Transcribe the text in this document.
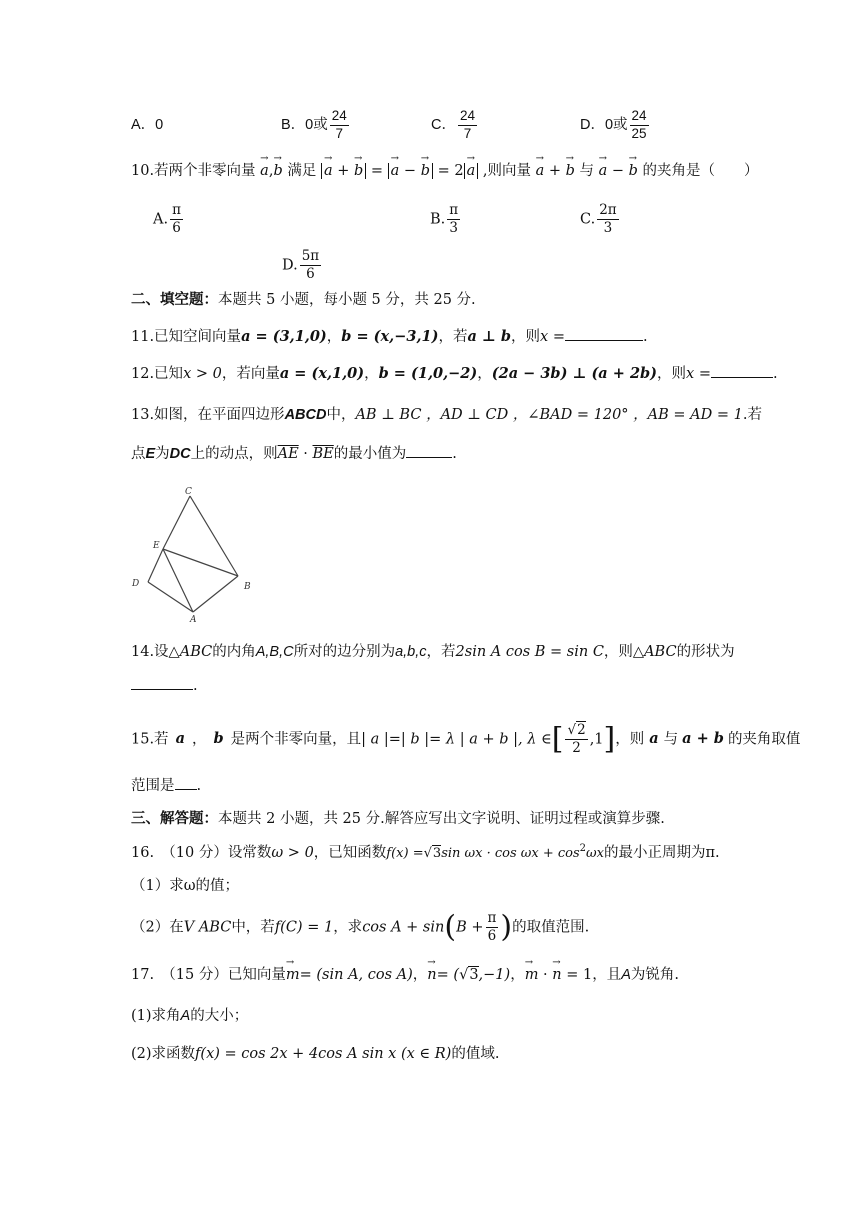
A．0	B．0或 $\frac{24}{7}$	C． $\frac{24}{7}$	D．0或 $\frac{24}{25}$
10.若两个非零向量 → a,→ b 满足 → a + → b = → a − → b = 2 → a ,则向量 → a + → b 与 → a − → b 的夹角是（　　）
A. $\frac{\pi}{6}$	B. $\frac{\pi}{3}$	C. $\frac{2\pi}{3}$
D. $\frac{5\pi}{6}$
二、填空题：本题共 5 小题，每小题 5 分，共 25 分.
11.已知空间向量a = (3,1,0)，b = (x,−3,1)，若a ⊥ b，则x =	.
12.已知x > 0，若向量a = (x,1,0)，b = (1,0,−2)，(2a − 3b) ⊥ (a + 2b)，则x =	.
13.如图，在平面四边形ABCD中，AB ⊥ BC ，AD ⊥ CD ，∠BAD = 120° ，AB = AD = 1.若
点E为DC上的动点，则$\overline{AE} \cdot \overline{BE}$的最小值为	.
C
E
D	B
A
14.设△ABC的内角A,B,C所对的边分别为a,b,c，若2sin A cos B = sin C，则△ABC的形状为
.
15.若 a ， b 是两个非零向量，且| a |=| b |= λ | a + b |, λ ∈[ $\frac{√2}{2} ,1$]，则 a 与 a + b 的夹角取值
范围是 .
三、解答题：本题共 2 小题，共 25 分.解答应写出文字说明、证明过程或演算步骤.
16.　（10 分）设常数ω > 0，已知函数f(x) =√3sin $\omega x \cdot \cos \omega x + \cos^2\omega x$的最小正周期为π.
（1）求ω的值；
（2）在V ABC中，若f(C) = 1，求$\cos A + \sin(B + \frac{\pi}{6}$ )的取值范围.
17.　（15 分）已知向量→ m= (sin A, cos A)，→ n= (√3,−1)，→ m · → n = 1，且A为锐角.
(1)求角A的大小；
(2)求函数f(x) = cos 2x + 4cos A sin x (x ∈ R)的值域.
